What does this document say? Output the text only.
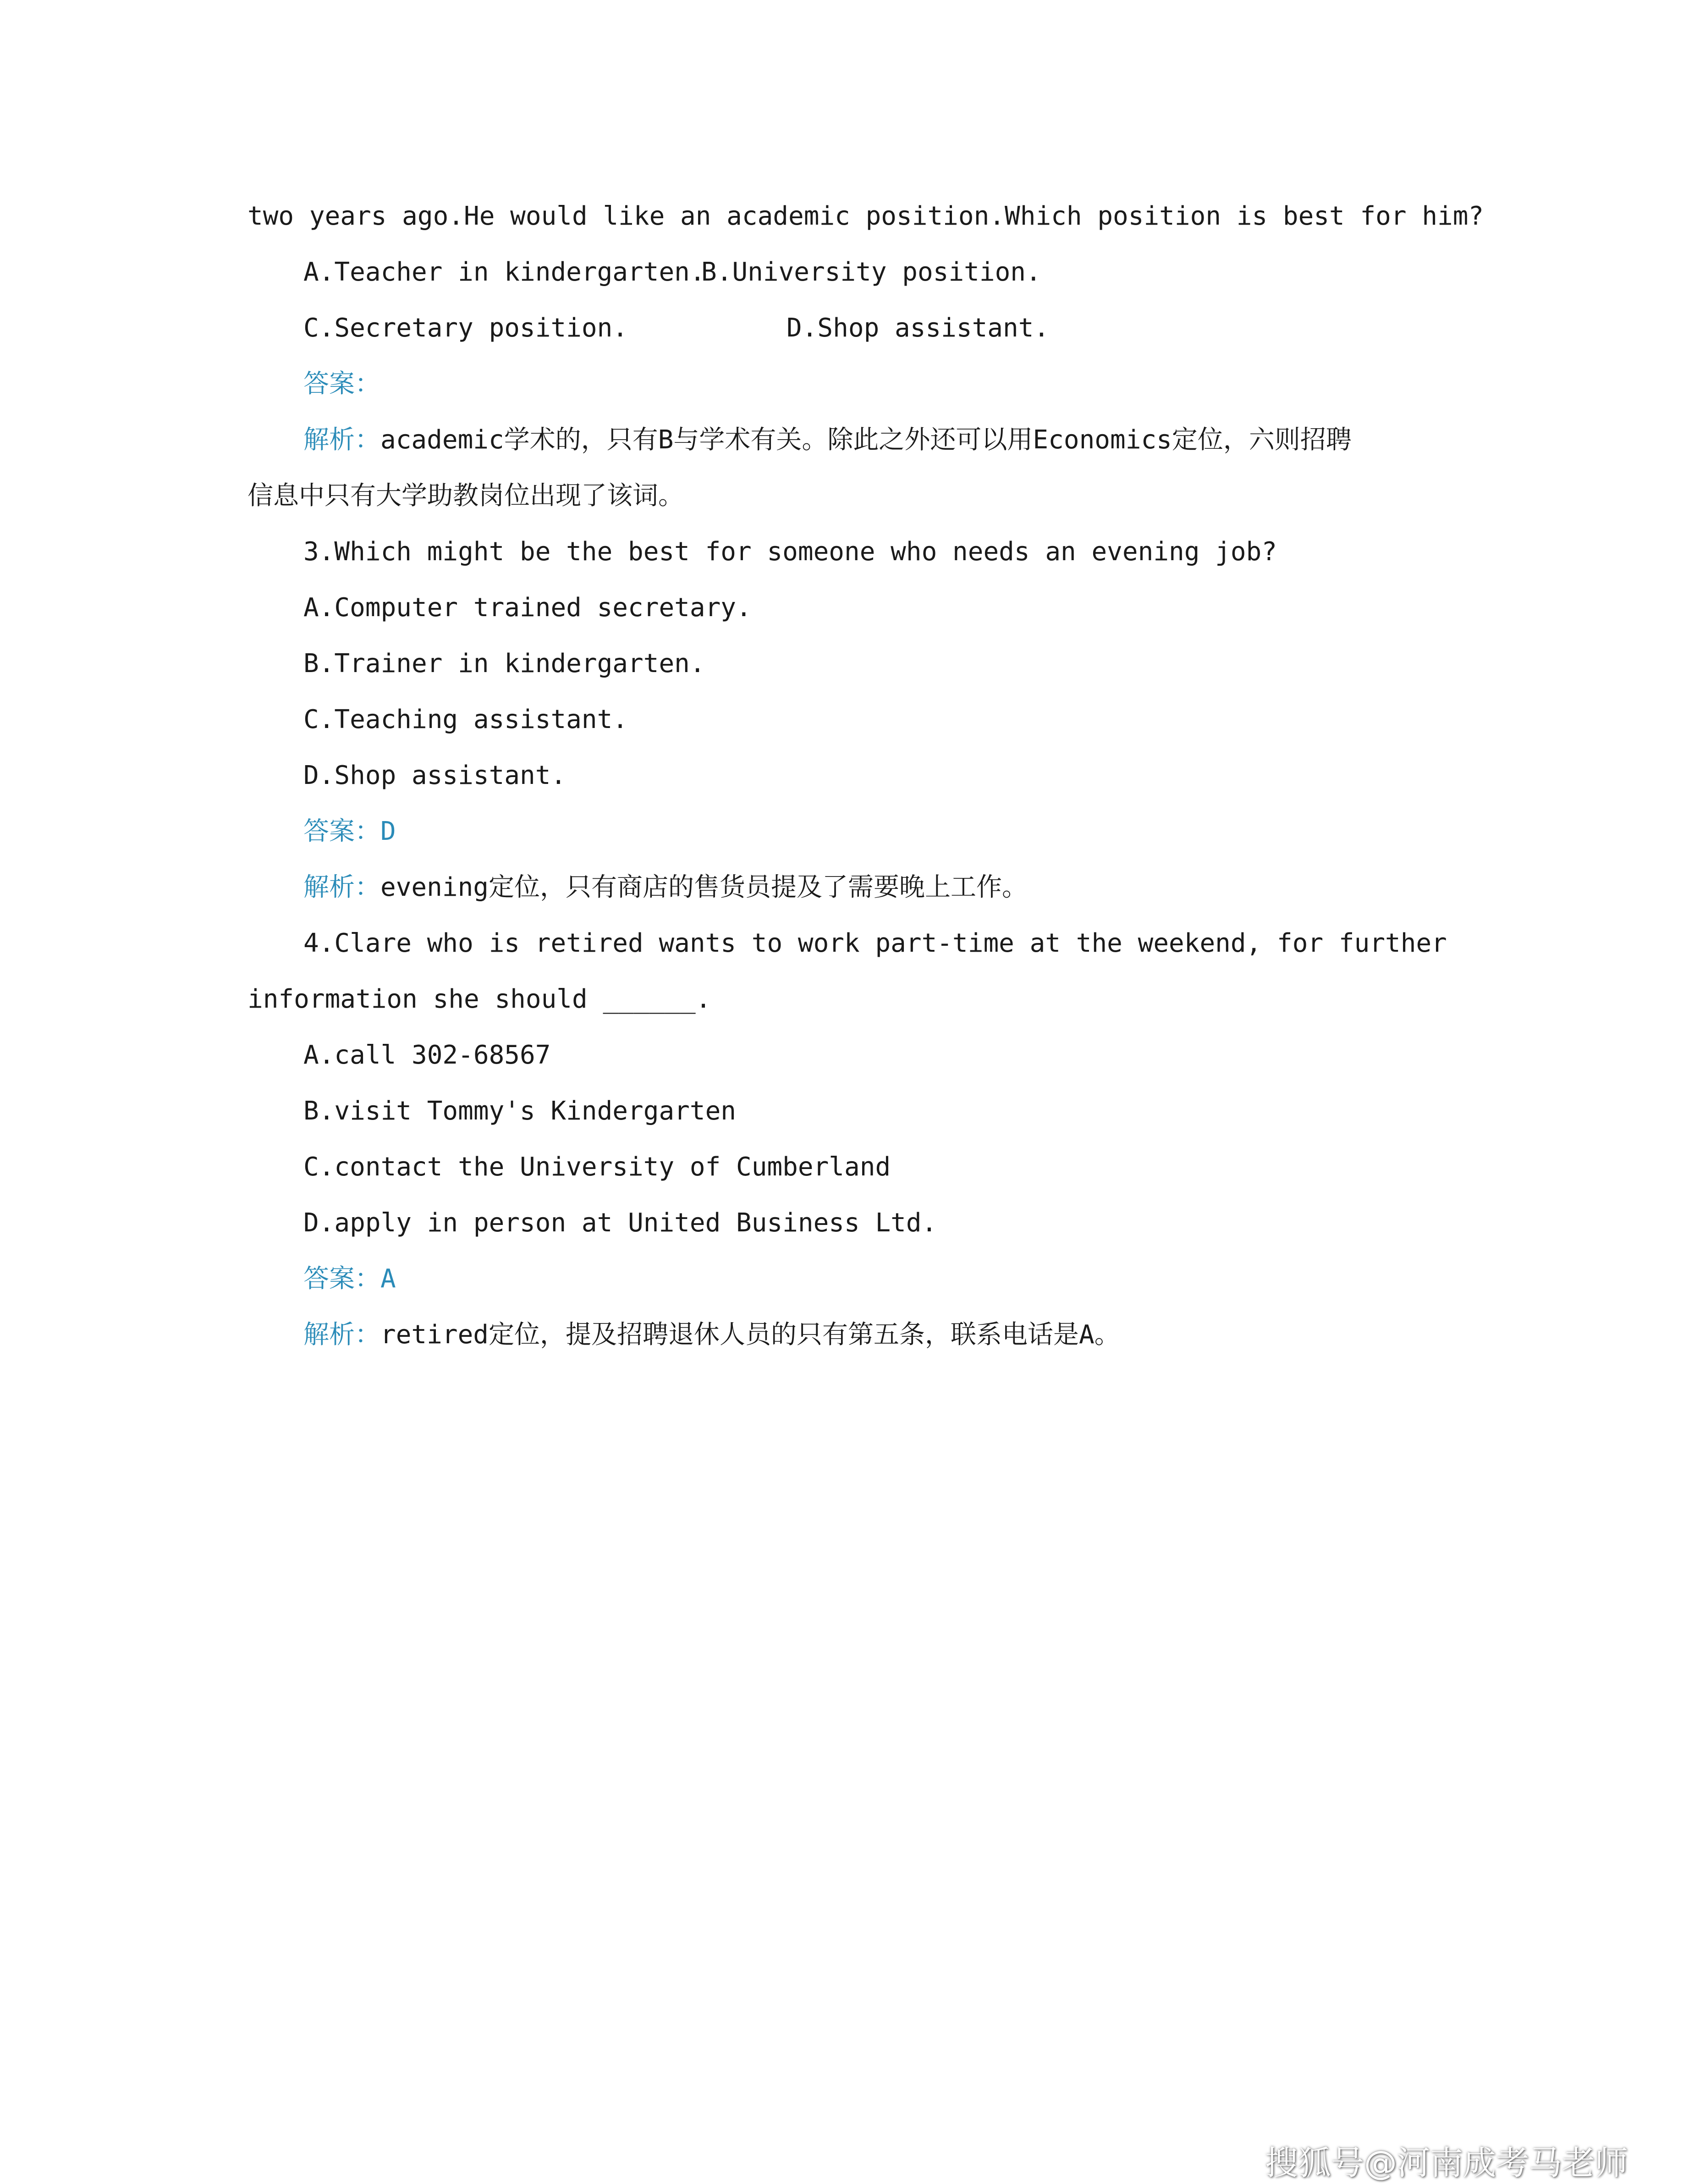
two years ago.He would like an academic position.Which position is best for him?
A.Teacher in kindergarten.
B.University position.
C.Secretary position.	D.Shop assistant.
答案：
解析：academic学术的，只有B与学术有关。除此之外还可以用Economics定位，六则招聘
信息中只有大学助教岗位出现了该词。
3.Which might be the best for someone who needs an evening job?
A.Computer trained secretary.
B.Trainer in kindergarten.
C.Teaching assistant.
D.Shop assistant.
答案：D
解析：evening定位，只有商店的售货员提及了需要晚上工作。
4.Clare who is retired wants to work part-time at the weekend, for further
information she should ______.
A.call 302-68567
B.visit Tommy's Kindergarten
C.contact the University of Cumberland
D.apply in person at United Business Ltd.
答案：A
解析：retired定位，提及招聘退休人员的只有第五条，联系电话是A。
搜狐号@河南成考马老师
